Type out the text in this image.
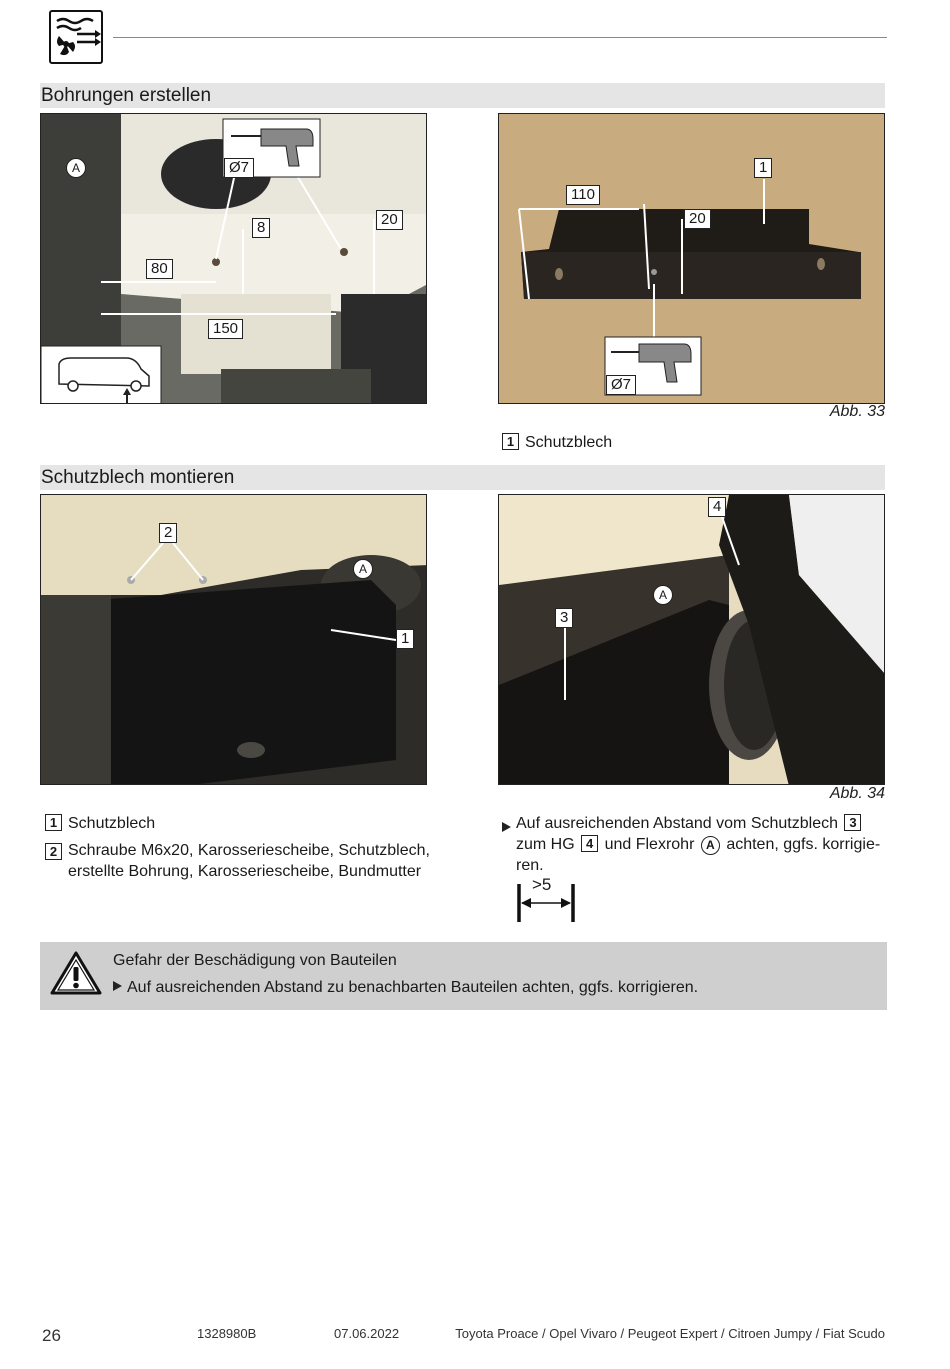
Bohrungen erstellen
A	Ø7
8	20
80
150
1
110
20
Ø7
Abb. 33
1 Schutzblech
Schutzblech montieren
2
A
1
4
A
3
Abb. 34
1 Schutzblech
2 Schraube M6x20, Karosseriescheibe, Schutzblech, erstellte Bohrung, Karosseriescheibe, Bundmutter
Auf ausreichenden Abstand vom Schutzblech 3 zum HG 4 und Flexrohr A achten, ggfs. korrigie-ren.
>5
Gefahr der Beschädigung von Bauteilen
Auf ausreichenden Abstand zu benachbarten Bauteilen achten, ggfs. korrigieren.
26	1328980B	07.06.2022	Toyota Proace / Opel Vivaro / Peugeot Expert / Citroen Jumpy / Fiat Scudo
